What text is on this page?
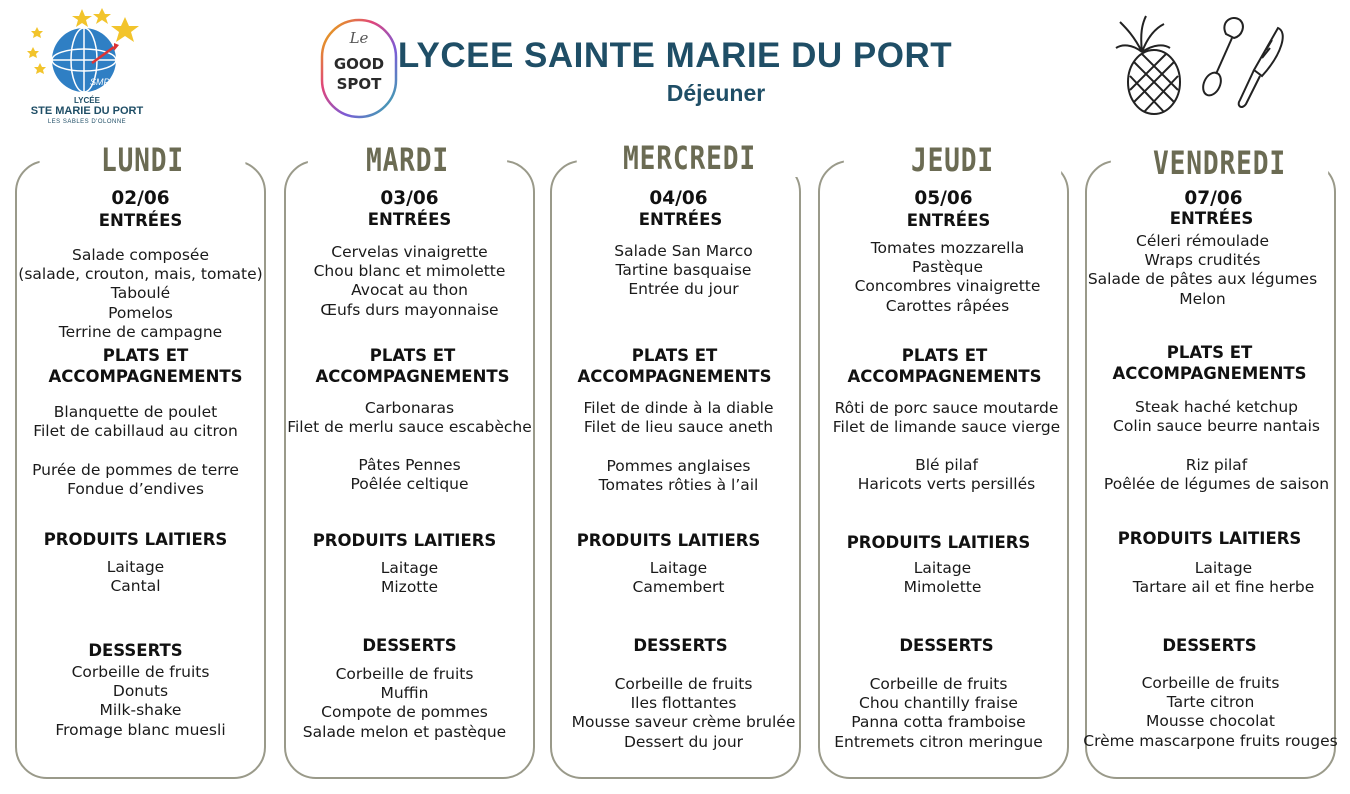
LYCEE SAINTE MARIE DU PORT
Déjeuner
SMP
LYCÉE
STE MARIE DU PORT
LES SABLES D'OLONNE
Le
GOOD
SPOT
LUNDI
02/06
ENTRÉES
Salade composée
(salade, crouton, mais, tomate)
Taboulé
Pomelos
Terrine de campagne
PLATS ET
ACCOMPAGNEMENTS
Blanquette de poulet
Filet de cabillaud au citron
Purée de pommes de terre
Fondue d’endives
PRODUITS LAITIERS
Laitage
Cantal
DESSERTS
Corbeille de fruits
Donuts
Milk-shake
Fromage blanc muesli
MARDI
03/06
ENTRÉES
Cervelas vinaigrette
Chou blanc et mimolette
Avocat au thon
Œufs durs mayonnaise
PLATS ET
ACCOMPAGNEMENTS
Carbonaras
Filet de merlu sauce escabèche
Pâtes Pennes
Poêlée celtique
PRODUITS LAITIERS
Laitage
Mizotte
DESSERTS
Corbeille de fruits
Muffin
Compote de pommes
Salade melon et pastèque
MERCREDI
04/06
ENTRÉES
Salade San Marco
Tartine basquaise
Entrée du jour
PLATS ET
ACCOMPAGNEMENTS
Filet de dinde à la diable
Filet de lieu sauce aneth
Pommes anglaises
Tomates rôties à l’ail
PRODUITS LAITIERS
Laitage
Camembert
DESSERTS
Corbeille de fruits
Iles flottantes
Mousse saveur crème brulée
Dessert du jour
JEUDI
05/06
ENTRÉES
Tomates mozzarella
Pastèque
Concombres vinaigrette
Carottes râpées
PLATS ET
ACCOMPAGNEMENTS
Rôti de porc sauce moutarde
Filet de limande sauce vierge
Blé pilaf
Haricots verts persillés
PRODUITS LAITIERS
Laitage
Mimolette
DESSERTS
Corbeille de fruits
Chou chantilly fraise
Panna cotta framboise
Entremets citron meringue
VENDREDI
07/06
ENTRÉES
Céleri rémoulade
Wraps crudités
Salade de pâtes aux légumes
Melon
PLATS ET
ACCOMPAGNEMENTS
Steak haché ketchup
Colin sauce beurre nantais
Riz pilaf
Poêlée de légumes de saison
PRODUITS LAITIERS
Laitage
Tartare ail et fine herbe
DESSERTS
Corbeille de fruits
Tarte citron
Mousse chocolat
Crème mascarpone fruits rouges
